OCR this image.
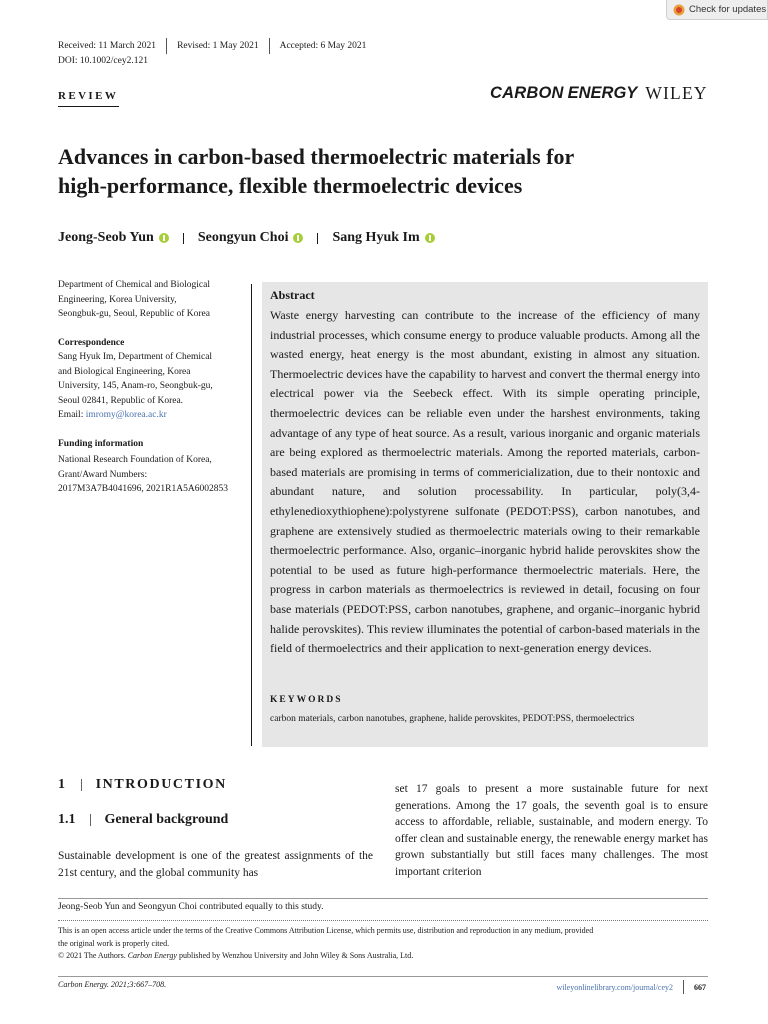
Check for updates
Received: 11 March 2021 Revised: 1 May 2021 Accepted: 6 May 2021
DOI: 10.1002/cey2.121
REVIEW	CARBON ENERGY WILEY
Advances in carbon-based thermoelectric materials for
high-performance, flexible thermoelectric devices
Jeong-Seob Yun	Seongyun Choi	Sang Hyuk Im

Department of Chemical and Biological

Engineering, Korea University,

Seongbuk-gu, Seoul, Republic of Korea

Correspondence

Sang Hyuk Im, Department of Chemical

and Biological Engineering, Korea

University, 145, Anam-ro, Seongbuk-gu,

Seoul 02841, Republic of Korea.

Email: imromy@korea.ac.kr

Funding information

National Research Foundation of Korea,

Grant/Award Numbers:

2017M3A7B4041696, 2021R1A5A6002853

Abstract
Waste energy harvesting can contribute to the increase of the efficiency of many industrial processes, which consume energy to produce valuable products. Among all the wasted energy, heat energy is the most abundant, existing in almost any situation. Thermoelectric devices have the capability to harvest and convert the thermal energy into electrical power via the Seebeck effect. With its simple operating principle, thermoelectric devices can be reliable even under the harshest environments, taking advantage of any type of heat source. As a result, various inorganic and organic materials are being explored as thermoelectric materials. Among the reported materials, carbon-based materials are promising in terms of commericialization, due to their nontoxic and abundant nature, and solution processability. In particular, poly(3,4-ethylenedioxythiophene):polystyrene sulfonate (PEDOT:PSS), carbon nanotubes, and graphene are extensively studied as thermoelectric materials owing to their remarkable thermoelectric performance. Also, organic–inorganic hybrid halide perovskites show the potential to be used as future high-performance thermoelectric materials. Here, the progress in carbon materials as thermoelectrics is reviewed in detail, focusing on four base materials (PEDOT:PSS, carbon nanotubes, graphene, and organic–inorganic hybrid halide perovskites). This review illuminates the potential of carbon-based materials in the field of thermoelectrics and their application to next-generation energy devices.
KEYWORDS
carbon materials, carbon nanotubes, graphene, halide perovskites, PEDOT:PSS, thermoelectrics
1 INTRODUCTION
1.1 General background
Sustainable development is one of the greatest assignments of the 21st century, and the global community has
set 17 goals to present a more sustainable future for next generations. Among the 17 goals, the seventh goal is to ensure access to affordable, reliable, sustainable, and modern energy. To offer clean and sustainable energy, the renewable energy market has grown substantially but still faces many challenges. The most important criterion
Jeong-Seob Yun and Seongyun Choi contributed equally to this study.
This is an open access article under the terms of the Creative Commons Attribution License, which permits use, distribution and reproduction in any medium, provided
the original work is properly cited.
© 2021 The Authors. Carbon Energy published by Wenzhou University and John Wiley & Sons Australia, Ltd.
Carbon Energy. 2021;3:667–708.	wileyonlinelibrary.com/journal/cey2	667
